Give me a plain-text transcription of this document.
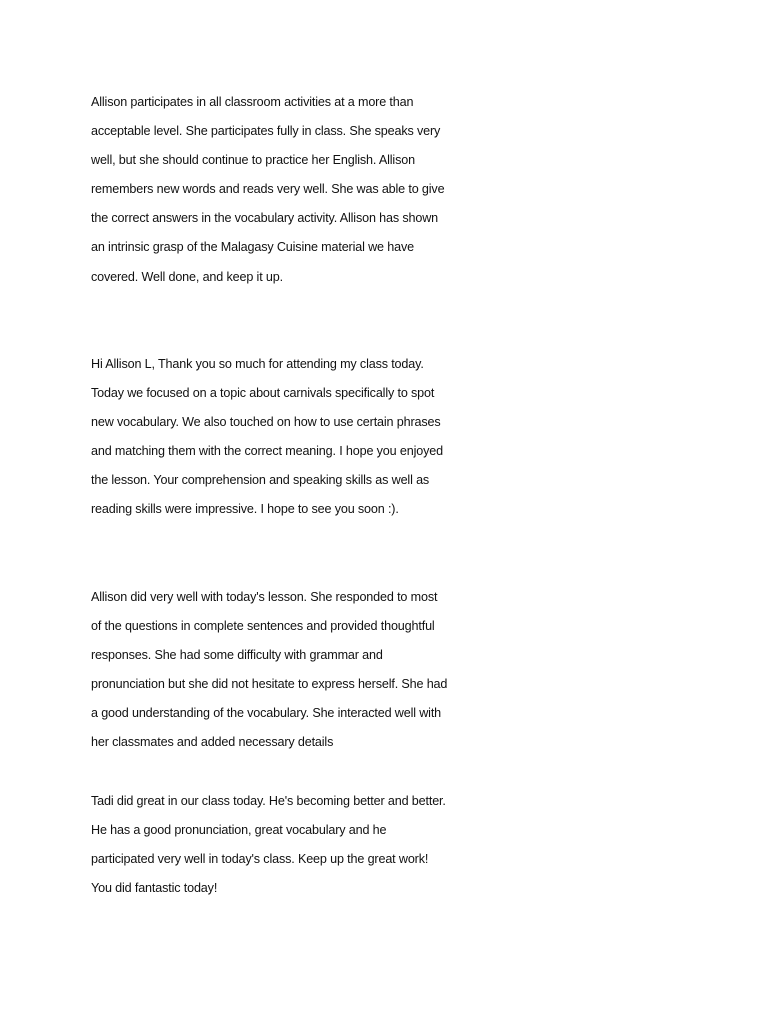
Allison participates in all classroom activities at a more than
acceptable level. She participates fully in class. She speaks very
well, but she should continue to practice her English. Allison
remembers new words and reads very well. She was able to give
the correct answers in the vocabulary activity. Allison has shown
an intrinsic grasp of the Malagasy Cuisine material we have
covered. Well done, and keep it up.

Hi Allison L, Thank you so much for attending my class today.
Today we focused on a topic about carnivals specifically to spot
new vocabulary. We also touched on how to use certain phrases
and matching them with the correct meaning. I hope you enjoyed
the lesson. Your comprehension and speaking skills as well as
reading skills were impressive. I hope to see you soon :).

Allison did very well with today's lesson. She responded to most
of the questions in complete sentences and provided thoughtful
responses. She had some difficulty with grammar and
pronunciation but she did not hesitate to express herself. She had
a good understanding of the vocabulary. She interacted well with
her classmates and added necessary details

Tadi did great in our class today. He's becoming better and better.
He has a good pronunciation, great vocabulary and he
participated very well in today's class. Keep up the great work!
You did fantastic today!
